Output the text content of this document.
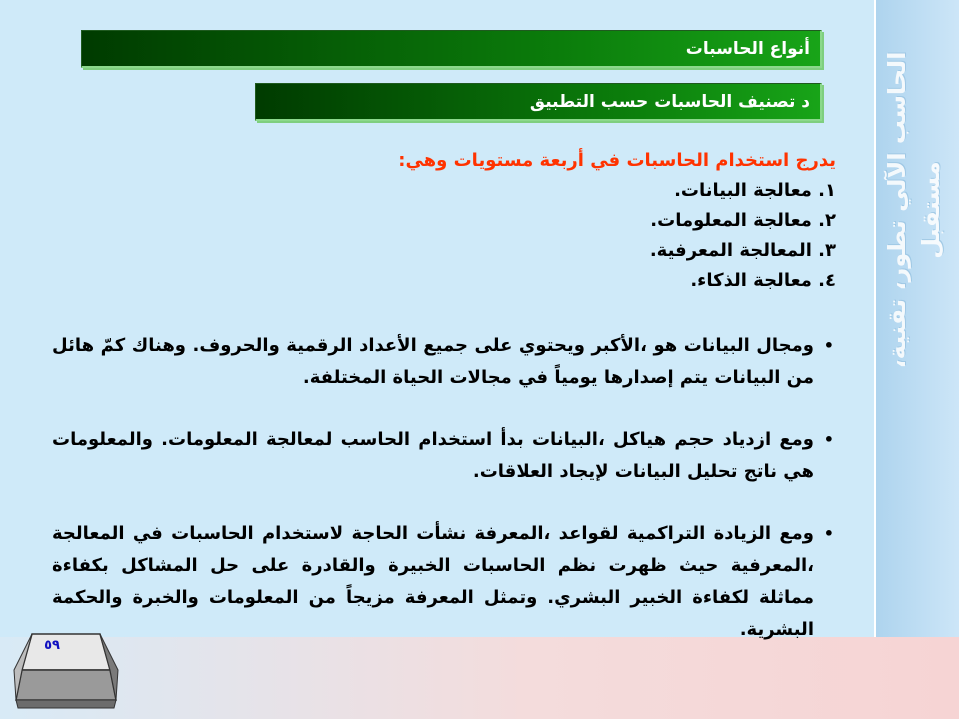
الحاسب الآلي تطور، تقنية، مستقبل
أنواع الحاسبات
د تصنيف الحاسبات حسب التطبيق

يدرج استخدام الحاسبات في أربعة مستويات وهي:

١. معالجة البيانات.
٢. معالجة المعلومات.
٣. المعالجة المعرفية.
٤. معالجة الذكاء.
•
ومجال البيانات هو ،الأكبر ويحتوي على جميع الأعداد الرقمية والحروف. وهناك كمّ هائل من البيانات يتم إصدارها يومياً في مجالات الحياة المختلفة.
•
ومع ازدياد حجم هياكل ،البيانات بدأ استخدام الحاسب لمعالجة المعلومات. والمعلومات هي ناتج تحليل البيانات لإيجاد العلاقات.
•
ومع الزيادة التراكمية لقواعد ،المعرفة نشأت الحاجة لاستخدام الحاسبات في المعالجة ،المعرفية حيث ظهرت نظم الحاسبات الخبيرة والقادرة على حل المشاكل بكفاءة مماثلة لكفاءة الخبير البشري. وتمثل المعرفة مزيجاً من المعلومات والخبرة والحكمة البشرية.
٥٩
